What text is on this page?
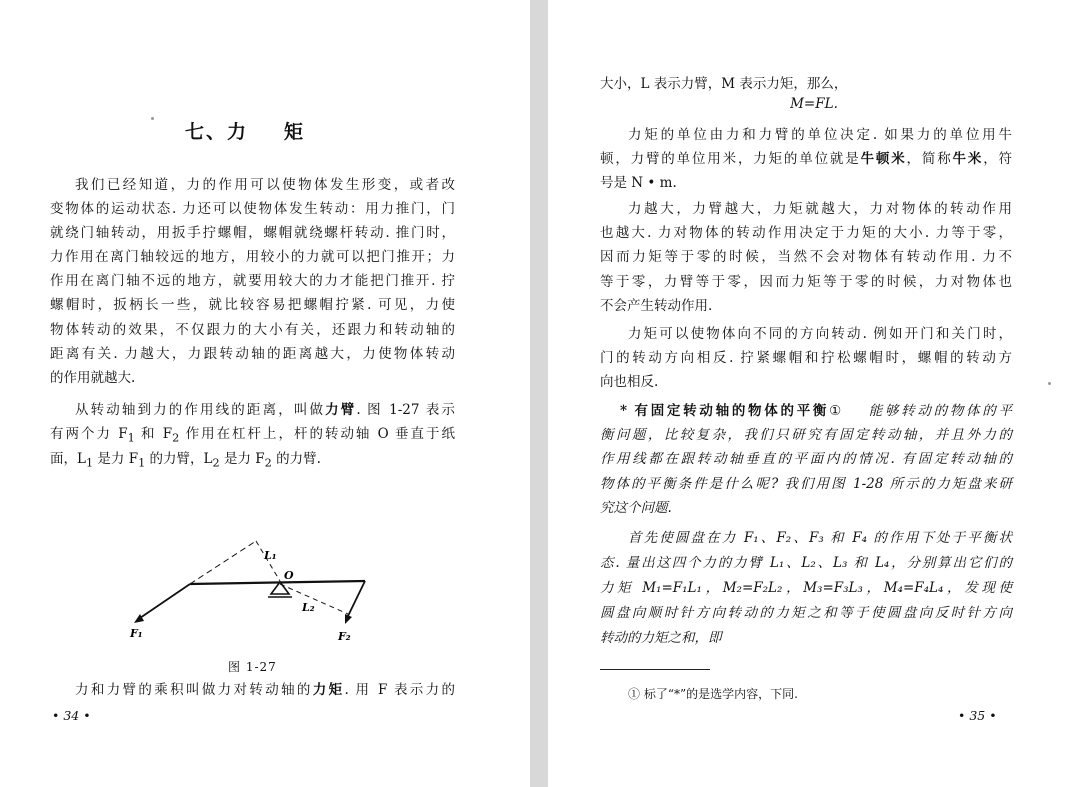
七、力 矩
我们已经知道，力的作用可以使物体发生形变，或者改
变物体的运动状态. 力还可以使物体发生转动：用力推门，门
就绕门轴转动，用扳手拧螺帽，螺帽就绕螺杆转动. 推门时，
力作用在离门轴较远的地方，用较小的力就可以把门推开；力
作用在离门轴不远的地方，就要用较大的力才能把门推开. 拧
螺帽时，扳柄长一些，就比较容易把螺帽拧紧. 可见，力使
物体转动的效果，不仅跟力的大小有关，还跟力和转动轴的
距离有关. 力越大，力跟转动轴的距离越大，力使物体转动
的作用就越大.
从转动轴到力的作用线的距离，叫做力臂. 图 1-27 表示
有两个力 $F_1$ 和 $F_2$ 作用在杠杆上，杆的转动轴 O 垂直于纸
面，$L_1$ 是力 $F_1$ 的力臂，$L_2$ 是力 $F_2$ 的力臂.
L₁
O
L₂
F₁	F₂
图 1-27
力和力臂的乘积叫做力对转动轴的力矩. 用 F 表示力的
• 34 •
大小，L 表示力臂，M 表示力矩，那么，
M=FL.
力矩的单位由力和力臂的单位决定. 如果力的单位用牛
顿，力臂的单位用米，力矩的单位就是牛顿米，简称牛米，符
号是 N • m.
力越大，力臂越大，力矩就越大，力对物体的转动作用
也越大. 力对物体的转动作用决定于力矩的大小. 力等于零，
因而力矩等于零的时候，当然不会对物体有转动作用. 力不
等于零，力臂等于零，因而力矩等于零的时候，力对物体也
不会产生转动作用.
力矩可以使物体向不同的方向转动. 例如开门和关门时，
门的转动方向相反. 拧紧螺帽和拧松螺帽时，螺帽的转动方
向也相反.
* 有固定转动轴的物体的平衡① 能够转动的物体的平
衡问题，比较复杂，我们只研究有固定转动轴，并且外力的
作用线都在跟转动轴垂直的平面内的情况. 有固定转动轴的
物体的平衡条件是什么呢? 我们用图 1-28 所示的力矩盘来研
究这个问题.
首先使圆盘在力 F₁、F₂、F₃ 和 F₄ 的作用下处于平衡状
态. 量出这四个力的力臂 L₁、L₂、L₃ 和 L₄，分别算出它们的
力矩 M₁=F₁L₁，M₂=F₂L₂，M₃=F₃L₃，M₄=F₄L₄，发现使
圆盘向顺时针方向转动的力矩之和等于使圆盘向反时针方向
转动的力矩之和，即
① 标了“*”的是选学内容，下同.
• 35 •
